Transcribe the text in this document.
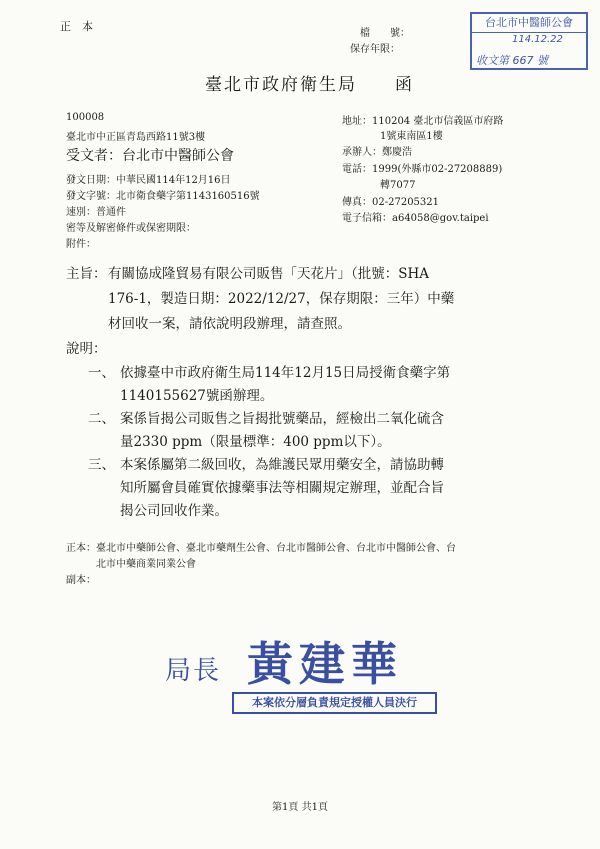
正　本
檔　　號：
保存年限：
台北市中醫師公會
114.12.22
收文第 667 號
臺北市政府衛生局　　函
100008
臺北市中正區青島西路11號3樓
受文者：台北市中醫師公會
地址：110204 臺北市信義區市府路
1號東南區1樓
承辦人：鄭慶浩
電話：1999(外縣市02-27208889)
轉7077
傳真：02-27205321
電子信箱：a64058@gov.taipei
發文日期：中華民國114年12月16日
發文字號：北市衛食藥字第1143160516號
速別：普通件
密等及解密條件或保密期限：
附件：
主旨： 有關協成隆貿易有限公司販售「天花片」（批號：SHA
176-1，製造日期：2022/12/27，保存期限：三年）中藥
材回收一案，請依說明段辦理，請查照。
說明：
一、 依據臺中市政府衛生局114年12月15日局授衛食藥字第
1140155627號函辦理。
二、 案係旨揭公司販售之旨揭批號藥品，經檢出二氧化硫含
量2330 ppm（限量標準：400 ppm以下）。
三、 本案係屬第二級回收，為維護民眾用藥安全，請協助轉
知所屬會員確實依據藥事法等相關規定辦理，並配合旨
揭公司回收作業。
正本：臺北市中藥師公會、臺北市藥劑生公會、台北市醫師公會、台北市中醫師公會、台
北市中藥商業同業公會
副本：
局長 黃建華
本案依分層負責規定授權人員決行
第1頁 共1頁
